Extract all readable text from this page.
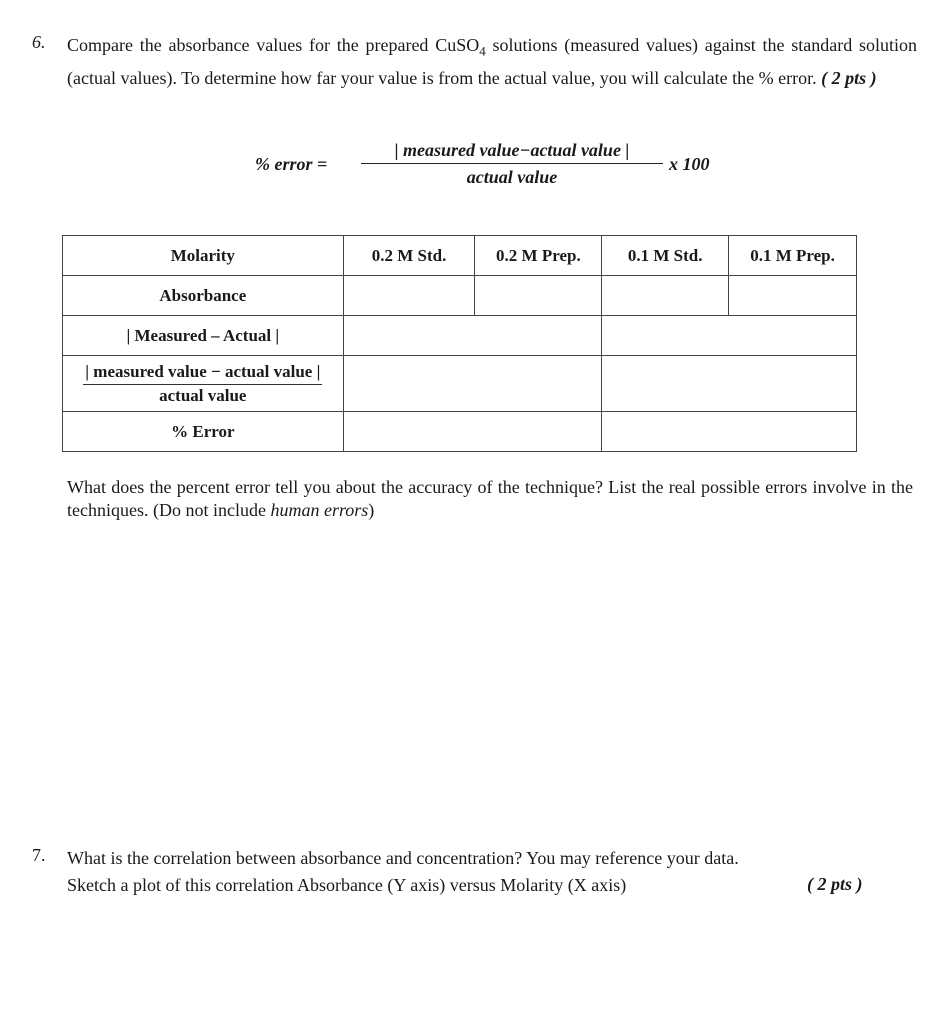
6. Compare the absorbance values for the prepared CuSO$_4$ solutions (measured values) against the standard solution (actual values). To determine how far your value is from the actual value, you will calculate the % error. ( 2 pts )
% error =
| measured value−actual value |
actual value
x 100
Molarity	0.2 M Std.	0.2 M Prep.	0.1 M Std.	0.1 M Prep.
Absorbance				
| Measured – Actual |				

$\frac{\text{| measured value − actual value |}}{\text{actual value}}$

% Error				
What does the percent error tell you about the accuracy of the technique? List the real possible errors involve in the techniques. (Do not include human errors)
7. What is the correlation between absorbance and concentration? You may reference your data.
Sketch a plot of this correlation Absorbance (Y axis) versus Molarity (X axis)	( 2 pts )
